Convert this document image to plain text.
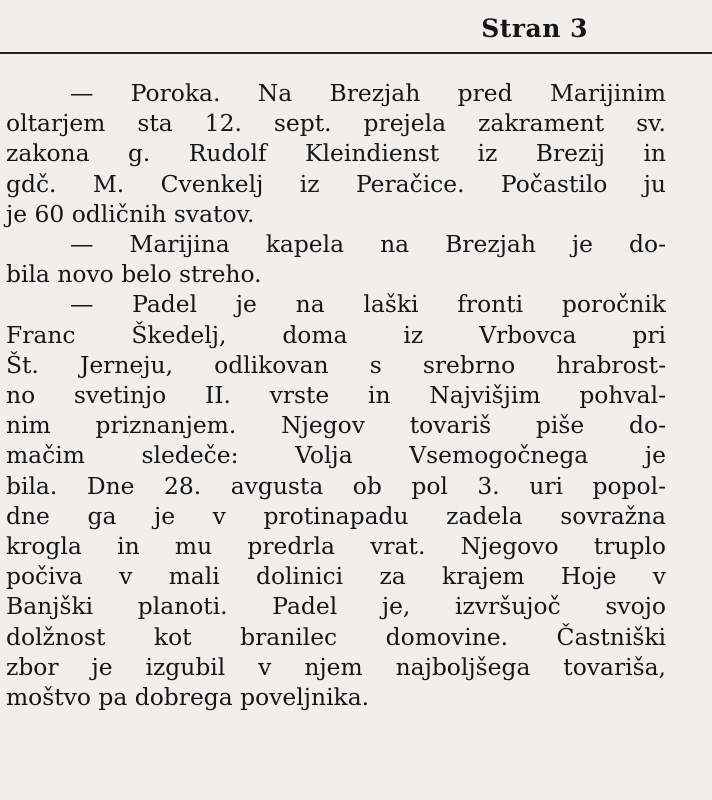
Stran 3

— Poroka. Na Brezjah pred Marijinim
oltarjem sta 12. sept. prejela zakrament sv.
zakona g. Rudolf Kleindienst iz Brezij in
gdč. M. Cvenkelj iz Peračice. Počastilo ju
je 60 odličnih svatov.

— Marijina kapela na Brezjah je do-
bila novo belo streho.

— Padel je na laški fronti poročnik
Franc Škedelj, doma iz Vrbovca pri
Št. Jerneju, odlikovan s srebrno hrabrost-
no svetinjo II. vrste in Najvišjim pohval-
nim priznanjem. Njegov tovariš piše do-
mačim sledeče: Volja Vsemogočnega je
bila. Dne 28. avgusta ob pol 3. uri popol-
dne ga je v protinapadu zadela sovražna
krogla in mu predrla vrat. Njegovo truplo
počiva v mali dolinici za krajem Hoje v
Banjški planoti. Padel je, izvršujoč svojo
dolžnost kot branilec domovine. Častniški
zbor je izgubil v njem najboljšega tovariša,
moštvo pa dobrega poveljnika.
